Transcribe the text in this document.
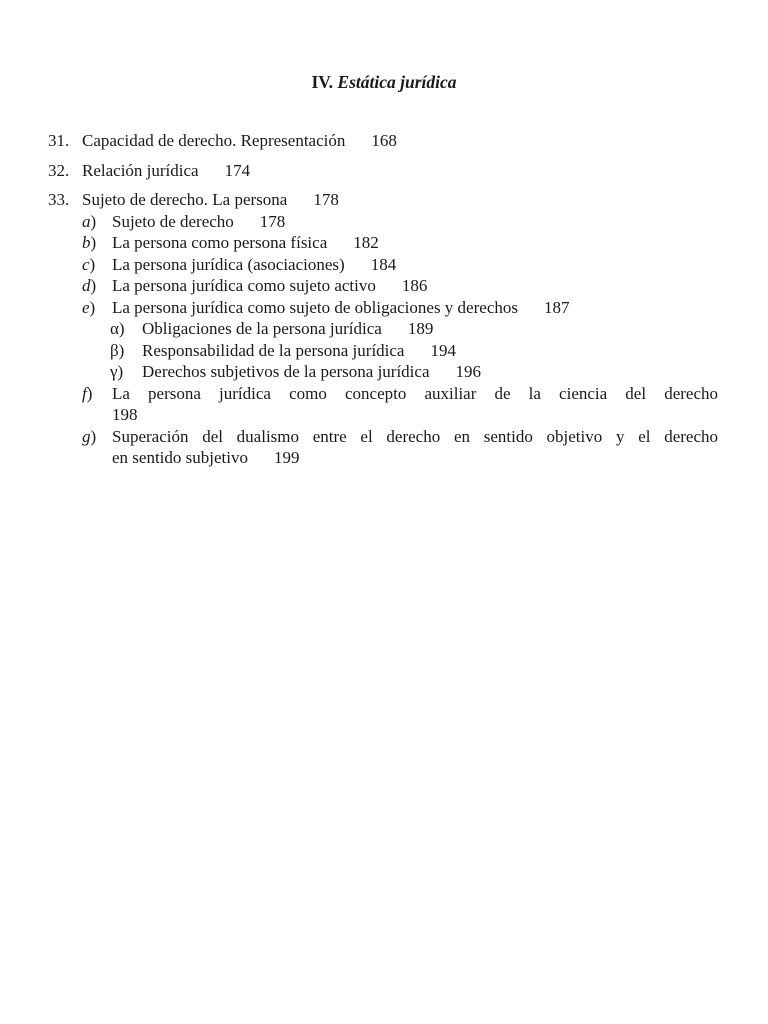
IV. Estática jurídica
31. Capacidad de derecho. Representación 168
32. Relación jurídica 174
33. Sujeto de derecho. La persona 178
a) Sujeto de derecho 178
b) La persona como persona física 182
c) La persona jurídica (asociaciones) 184
d) La persona jurídica como sujeto activo 186
e) La persona jurídica como sujeto de obligaciones y derechos 187
α) Obligaciones de la persona jurídica 189
β) Responsabilidad de la persona jurídica 194
γ) Derechos subjetivos de la persona jurídica 196
f) La persona jurídica como concepto auxiliar de la ciencia del derecho
198
g) Superación del dualismo entre el derecho en sentido objetivo y el derecho
en sentido subjetivo 199
